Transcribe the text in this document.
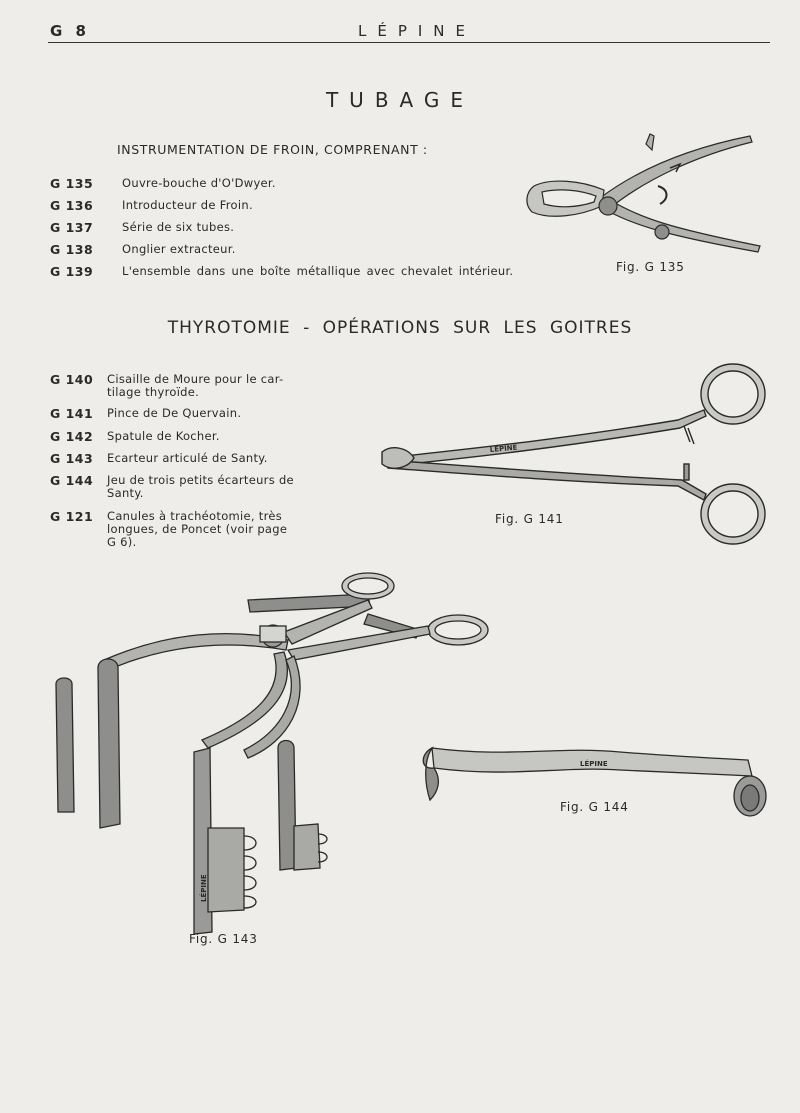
G 8	LÉPINE
TUBAGE
INSTRUMENTATION DE FROIN, COMPRENANT :
G 135	Ouvre-bouche d'O'Dwyer.
G 136	Introducteur de Froin.
G 137	Série de six tubes.
G 138	Onglier extracteur.
G 139	L'ensemble dans une boîte métallique avec chevalet intérieur.	Fig. G 135
THYROTOMIE - OPÉRATIONS SUR LES GOITRES
G 140 Cisaille de Moure pour le car-
tilage thyroïde.
G 141 Pince de De Quervain.
G 142 Spatule de Kocher.
G 143 Ecarteur articulé de Santy.
G 144 Jeu de trois petits écarteurs de
Santy.
G 121 Canules à trachéotomie, très
longues, de Poncet (voir page
G 6).
LÉPINE
Fig. G 141
LÉPINE
Fig. G 143
LÉPINE
Fig. G 144
